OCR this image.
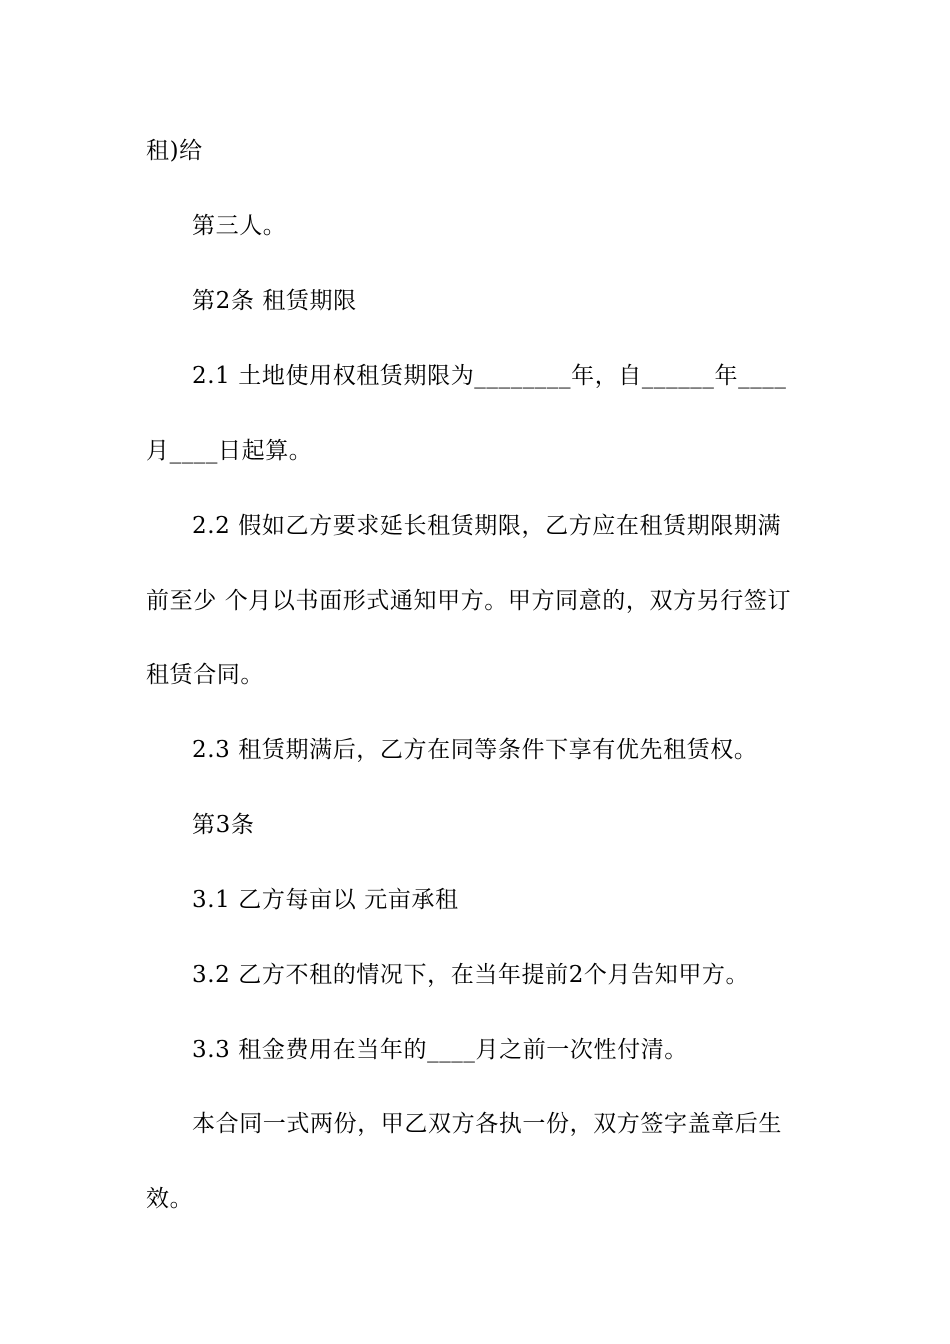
租)给
第三人。
第2条 租赁期限
2.1 土地使用权租赁期限为________年，自______年____
月____日起算。
2.2 假如乙方要求延长租赁期限，乙方应在租赁期限期满
前至少 个月以书面形式通知甲方。甲方同意的，双方另行签订
租赁合同。
2.3 租赁期满后，乙方在同等条件下享有优先租赁权。
第3条
3.1 乙方每亩以 元亩承租
3.2 乙方不租的情况下，在当年提前2个月告知甲方。
3.3 租金费用在当年的____月之前一次性付清。
本合同一式两份，甲乙双方各执一份，双方签字盖章后生
效。
